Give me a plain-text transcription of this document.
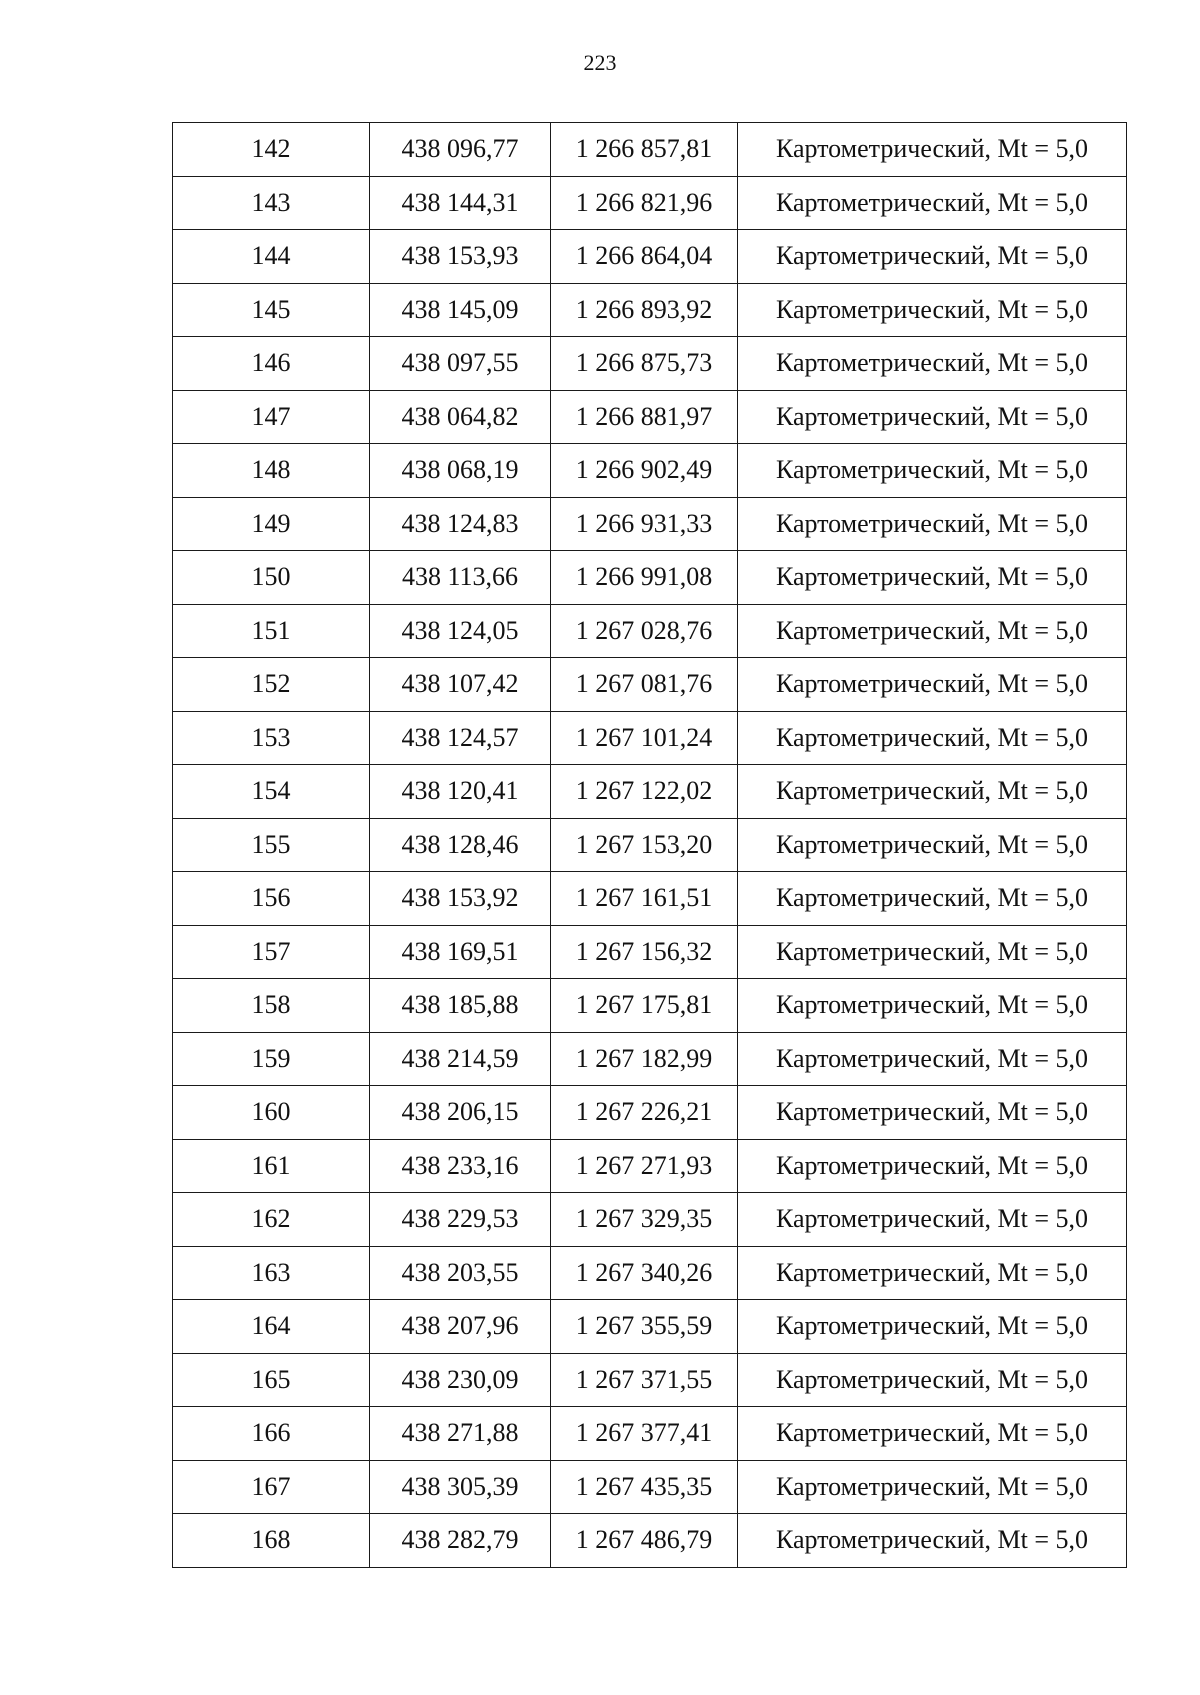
223
142	438 096,77	1 266 857,81	Картометрический, Mt = 5,0
143	438 144,31	1 266 821,96	Картометрический, Mt = 5,0
144	438 153,93	1 266 864,04	Картометрический, Mt = 5,0
145	438 145,09	1 266 893,92	Картометрический, Mt = 5,0
146	438 097,55	1 266 875,73	Картометрический, Mt = 5,0
147	438 064,82	1 266 881,97	Картометрический, Mt = 5,0
148	438 068,19	1 266 902,49	Картометрический, Mt = 5,0
149	438 124,83	1 266 931,33	Картометрический, Mt = 5,0
150	438 113,66	1 266 991,08	Картометрический, Mt = 5,0
151	438 124,05	1 267 028,76	Картометрический, Mt = 5,0
152	438 107,42	1 267 081,76	Картометрический, Mt = 5,0
153	438 124,57	1 267 101,24	Картометрический, Mt = 5,0
154	438 120,41	1 267 122,02	Картометрический, Mt = 5,0
155	438 128,46	1 267 153,20	Картометрический, Mt = 5,0
156	438 153,92	1 267 161,51	Картометрический, Mt = 5,0
157	438 169,51	1 267 156,32	Картометрический, Mt = 5,0
158	438 185,88	1 267 175,81	Картометрический, Mt = 5,0
159	438 214,59	1 267 182,99	Картометрический, Mt = 5,0
160	438 206,15	1 267 226,21	Картометрический, Mt = 5,0
161	438 233,16	1 267 271,93	Картометрический, Mt = 5,0
162	438 229,53	1 267 329,35	Картометрический, Mt = 5,0
163	438 203,55	1 267 340,26	Картометрический, Mt = 5,0
164	438 207,96	1 267 355,59	Картометрический, Mt = 5,0
165	438 230,09	1 267 371,55	Картометрический, Mt = 5,0
166	438 271,88	1 267 377,41	Картометрический, Mt = 5,0
167	438 305,39	1 267 435,35	Картометрический, Mt = 5,0
168	438 282,79	1 267 486,79	Картометрический, Mt = 5,0
